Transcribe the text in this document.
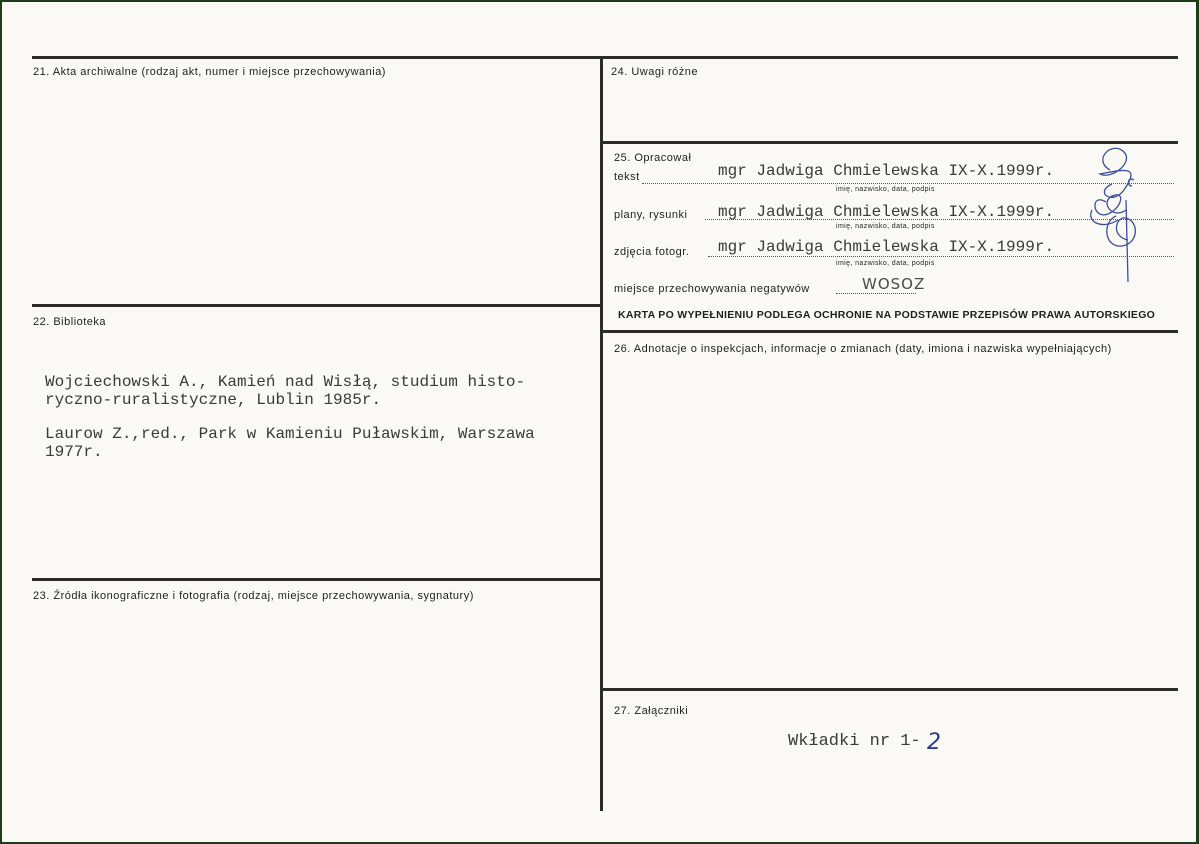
21. Akta archiwalne (rodzaj akt, numer i miejsce przechowywania)
22. Biblioteka
Wojciechowski A., Kamień nad Wisłą, studium histo-
ryczno-ruralistyczne, Lublin 1985r.
Laurow Z.,red., Park w Kamieniu Puławskim, Warszawa
1977r.
23. Źródła ikonograficzne i fotografia (rodzaj, miejsce przechowywania, sygnatury)
24. Uwagi różne
25. Opracował
tekst	mgr Jadwiga Chmielewska IX-X.1999r.
imię, nazwisko, data, podpis
plany, rysunki mgr Jadwiga Chmielewska IX-X.1999r.
imię, nazwisko, data, podpis
zdjęcia fotogr. mgr Jadwiga Chmielewska IX-X.1999r.
imię, nazwisko, data, podpis
miejsce przechowywania negatywów	WOSOZ
KARTA PO WYPEŁNIENIU PODLEGA OCHRONIE NA PODSTAWIE PRZEPISÓW PRAWA AUTORSKIEGO
26. Adnotacje o inspekcjach, informacje o zmianach (daty, imiona i nazwiska wypełniających)
27. Załączniki
Wkładki nr 1- 2
